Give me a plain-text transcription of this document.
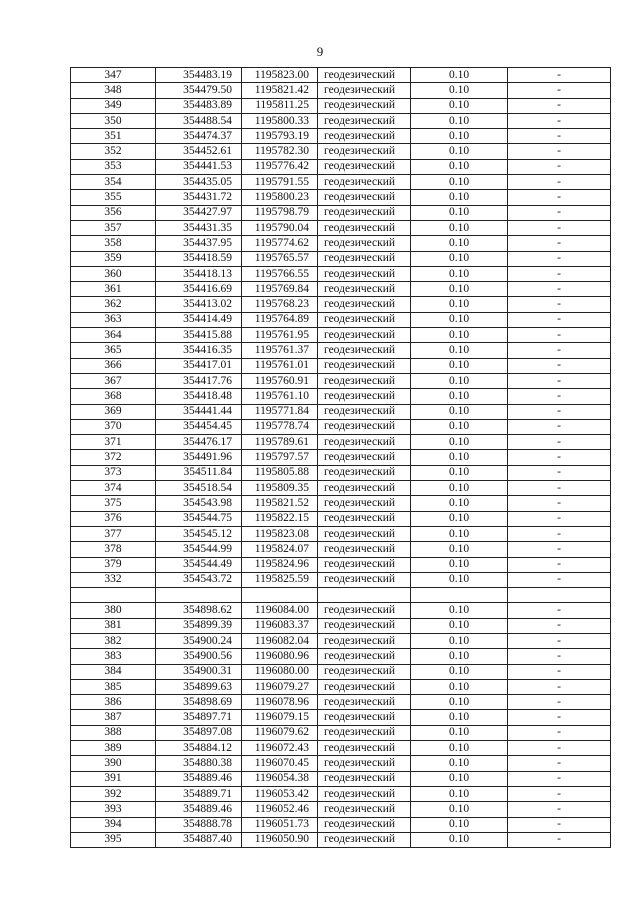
9
347	354483.19	1195823.00	геодезический	0.10	-
348	354479.50	1195821.42	геодезический	0.10	-
349	354483.89	1195811.25	геодезический	0.10	-
350	354488.54	1195800.33	геодезический	0.10	-
351	354474.37	1195793.19	геодезический	0.10	-
352	354452.61	1195782.30	геодезический	0.10	-
353	354441.53	1195776.42	геодезический	0.10	-
354	354435.05	1195791.55	геодезический	0.10	-
355	354431.72	1195800.23	геодезический	0.10	-
356	354427.97	1195798.79	геодезический	0.10	-
357	354431.35	1195790.04	геодезический	0.10	-
358	354437.95	1195774.62	геодезический	0.10	-
359	354418.59	1195765.57	геодезический	0.10	-
360	354418.13	1195766.55	геодезический	0.10	-
361	354416.69	1195769.84	геодезический	0.10	-
362	354413.02	1195768.23	геодезический	0.10	-
363	354414.49	1195764.89	геодезический	0.10	-
364	354415.88	1195761.95	геодезический	0.10	-
365	354416.35	1195761.37	геодезический	0.10	-
366	354417.01	1195761.01	геодезический	0.10	-
367	354417.76	1195760.91	геодезический	0.10	-
368	354418.48	1195761.10	геодезический	0.10	-
369	354441.44	1195771.84	геодезический	0.10	-
370	354454.45	1195778.74	геодезический	0.10	-
371	354476.17	1195789.61	геодезический	0.10	-
372	354491.96	1195797.57	геодезический	0.10	-
373	354511.84	1195805.88	геодезический	0.10	-
374	354518.54	1195809.35	геодезический	0.10	-
375	354543.98	1195821.52	геодезический	0.10	-
376	354544.75	1195822.15	геодезический	0.10	-
377	354545.12	1195823.08	геодезический	0.10	-
378	354544.99	1195824.07	геодезический	0.10	-
379	354544.49	1195824.96	геодезический	0.10	-
332	354543.72	1195825.59	геодезический	0.10	-

380	354898.62	1196084.00	геодезический	0.10	-
381	354899.39	1196083.37	геодезический	0.10	-
382	354900.24	1196082.04	геодезический	0.10	-
383	354900.56	1196080.96	геодезический	0.10	-
384	354900.31	1196080.00	геодезический	0.10	-
385	354899.63	1196079.27	геодезический	0.10	-
386	354898.69	1196078.96	геодезический	0.10	-
387	354897.71	1196079.15	геодезический	0.10	-
388	354897.08	1196079.62	геодезический	0.10	-
389	354884.12	1196072.43	геодезический	0.10	-
390	354880.38	1196070.45	геодезический	0.10	-
391	354889.46	1196054.38	геодезический	0.10	-
392	354889.71	1196053.42	геодезический	0.10	-
393	354889.46	1196052.46	геодезический	0.10	-
394	354888.78	1196051.73	геодезический	0.10	-
395	354887.40	1196050.90	геодезический	0.10	-
